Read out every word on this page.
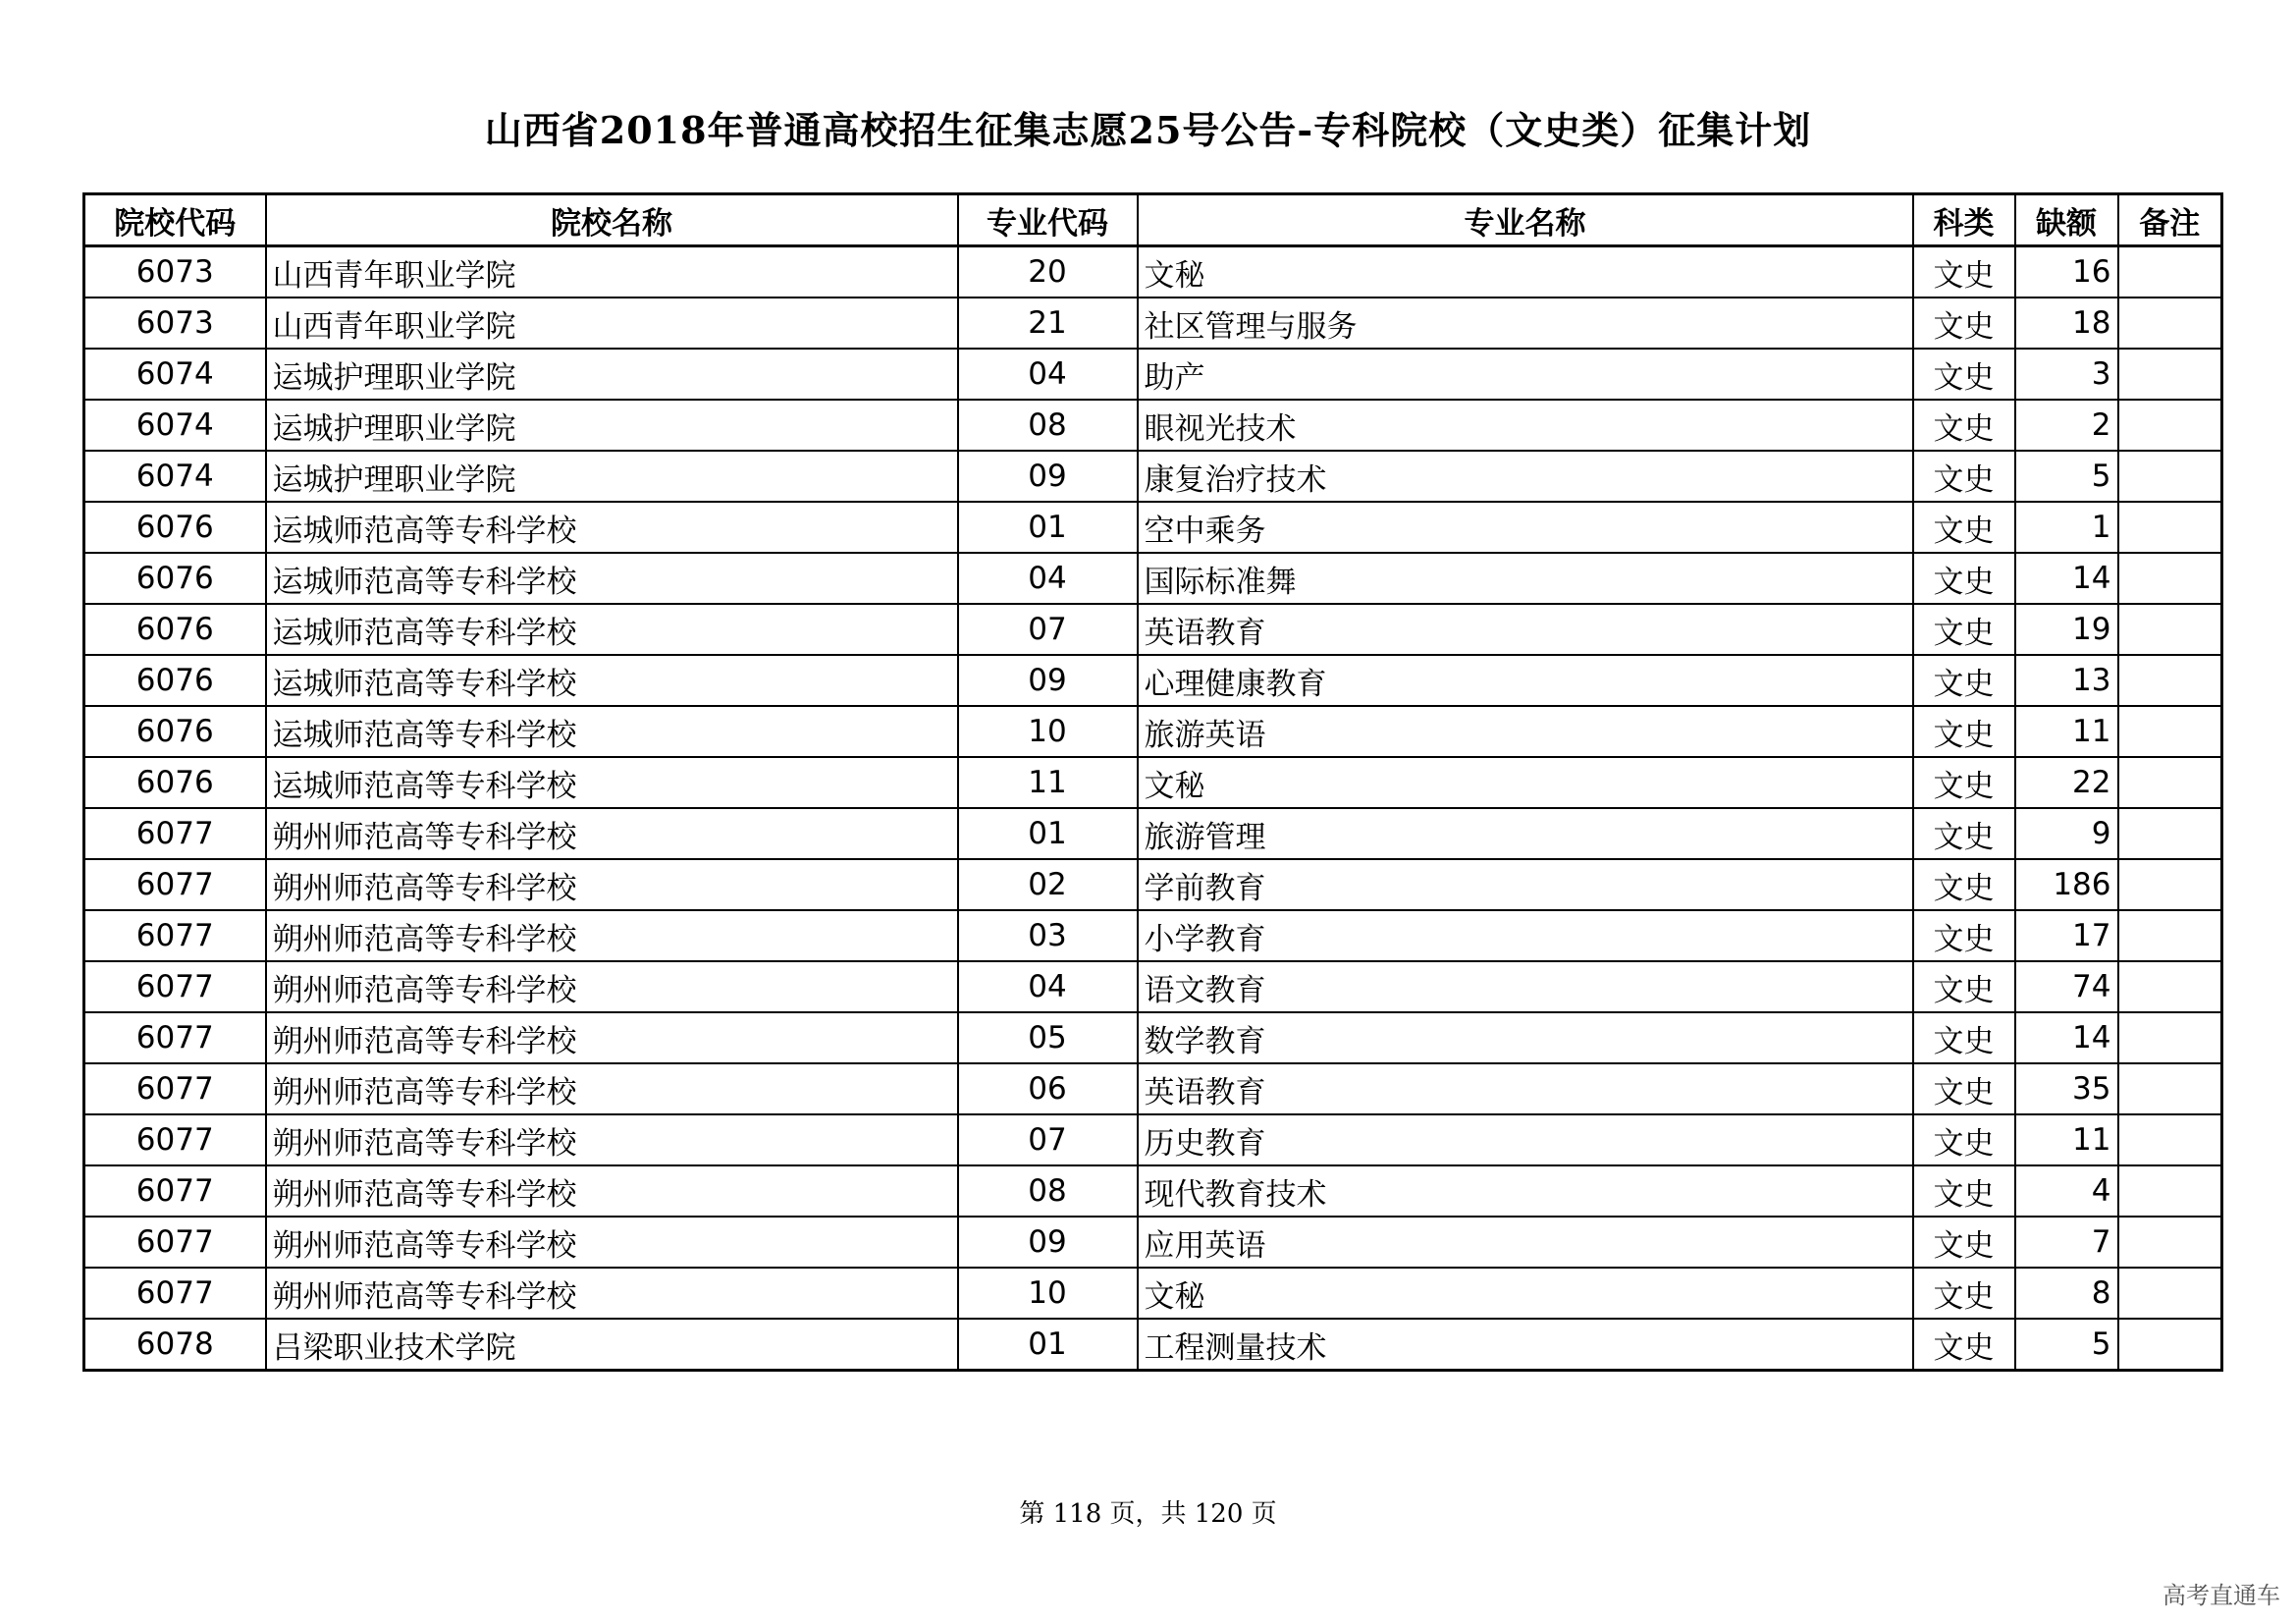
山西省2018年普通高校招生征集志愿25号公告-专科院校（文史类）征集计划
院校代码	院校名称	专业代码	专业名称	科类	缺额	备注
6073	山西青年职业学院	20	文秘	文史	16	
6073	山西青年职业学院	21	社区管理与服务	文史	18	
6074	运城护理职业学院	04	助产	文史	3	
6074	运城护理职业学院	08	眼视光技术	文史	2	
6074	运城护理职业学院	09	康复治疗技术	文史	5	
6076	运城师范高等专科学校	01	空中乘务	文史	1	
6076	运城师范高等专科学校	04	国际标准舞	文史	14	
6076	运城师范高等专科学校	07	英语教育	文史	19	
6076	运城师范高等专科学校	09	心理健康教育	文史	13	
6076	运城师范高等专科学校	10	旅游英语	文史	11	
6076	运城师范高等专科学校	11	文秘	文史	22	
6077	朔州师范高等专科学校	01	旅游管理	文史	9	
6077	朔州师范高等专科学校	02	学前教育	文史	186	
6077	朔州师范高等专科学校	03	小学教育	文史	17	
6077	朔州师范高等专科学校	04	语文教育	文史	74	
6077	朔州师范高等专科学校	05	数学教育	文史	14	
6077	朔州师范高等专科学校	06	英语教育	文史	35	
6077	朔州师范高等专科学校	07	历史教育	文史	11	
6077	朔州师范高等专科学校	08	现代教育技术	文史	4	
6077	朔州师范高等专科学校	09	应用英语	文史	7	
6077	朔州师范高等专科学校	10	文秘	文史	8	
6078	吕梁职业技术学院	01	工程测量技术	文史	5	
第 118 页，共 120 页
高考直通车
